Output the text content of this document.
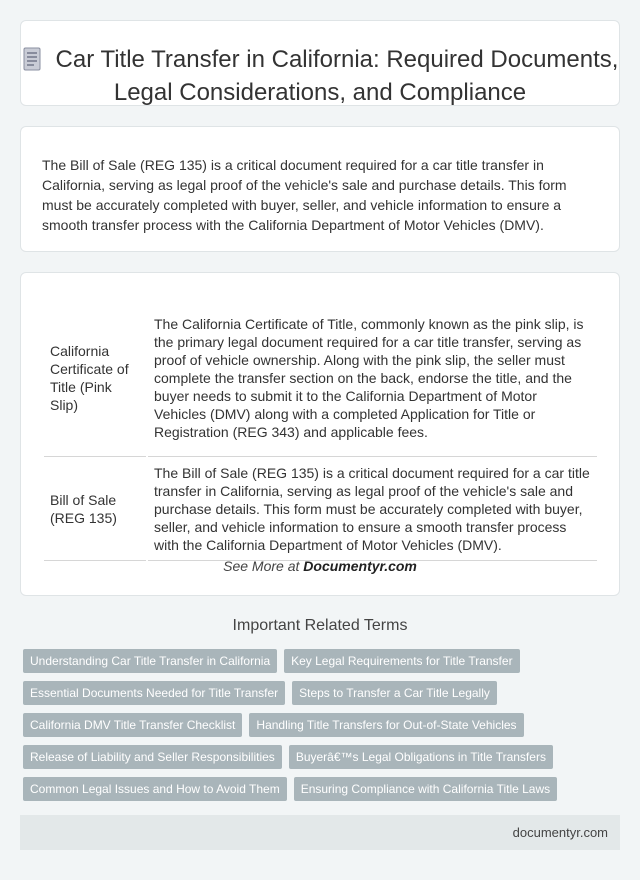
Car Title Transfer in California: Required Documents, Legal Considerations, and Compliance

The Bill of Sale (REG 135) is a critical document required for a car title transfer in California, serving as legal proof of the vehicle's sale and purchase details. This form must be accurately completed with buyer, seller, and vehicle information to ensure a smooth transfer process with the California Department of Motor Vehicles (DMV).

California Certificate of Title (Pink Slip)	The California Certificate of Title, commonly known as the pink slip, is the primary legal document required for a car title transfer, serving as proof of vehicle ownership. Along with the pink slip, the seller must complete the transfer section on the back, endorse the title, and the buyer needs to submit it to the California Department of Motor Vehicles (DMV) along with a completed Application for Title or Registration (REG 343) and applicable fees.
Bill of Sale (REG 135)	The Bill of Sale (REG 135) is a critical document required for a car title transfer in California, serving as legal proof of the vehicle's sale and purchase details. This form must be accurately completed with buyer, seller, and vehicle information to ensure a smooth transfer process with the California Department of Motor Vehicles (DMV).
See More at Documentyr.com
Important Related Terms
Understanding Car Title Transfer in California	Key Legal Requirements for Title Transfer
Essential Documents Needed for Title Transfer	Steps to Transfer a Car Title Legally
California DMV Title Transfer Checklist	Handling Title Transfers for Out-of-State Vehicles
Release of Liability and Seller Responsibilities	Buyerâ€™s Legal Obligations in Title Transfers
Common Legal Issues and How to Avoid Them	Ensuring Compliance with California Title Laws
documentyr.com
